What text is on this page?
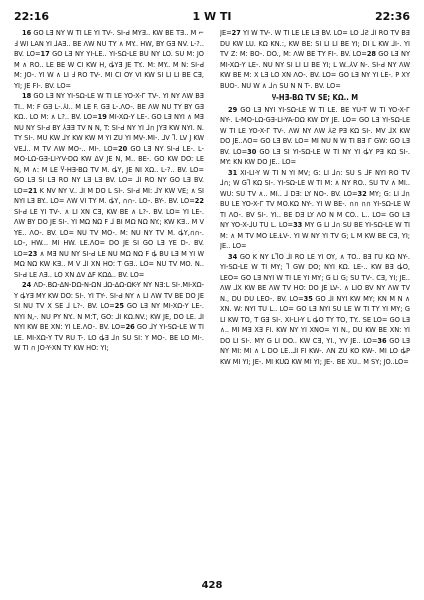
22:16	1 W TI	22:36

16 GO LƎ NY W TI LE YI TV-. SI-Ԁ MYƎ.. KW BE TƎ.. M ⌐ Ⅎ WI LAN YI ⅃AƎ.. BE ΛW NU TY ∧ MY.. HW, BY GƎ NV. L-?.. BV. LO=17 GO LƎ NY YI-LE.. YI-SΩ-LE BU NY LO. SU M: JO M ∧ RO.. LE BE W CI KW H, ȡYƎ JE TY.. M: MY.. M N: SI-Ԁ M: JO-. YI W ∧ LI Ⅎ RO TV-. MI CI OY VI KW SI LI LI BE CƎ, YI; JE FI-. BV. LO=

18 GO LƎ NY YI-SΩ-LE W TI LE YO-X-Г TV-. YI NY ΛW BƎ TI.. M: F GƎ L-.⅄I.. M LE F. GƎ L-.ΛO-. BE ΛW NU TY BY GƎ KΩ.. LO M: ∧ L?.. BV. LO=19 MI-XΩ-Y LE-. GO LƎ NYI ∧ MƎ NU NY SI-Ԁ BY ⅄ƎƎ TV N N, T: SI-Ԁ NY YI ⅃∩ JYƎ KW NYI. N. TY SI-. MU KW ⅃Y KW KW M YI ZU YI MV-.MI-. ⅃V ⅂. LV J KW VE⅃.. M TV ΛW MO-.. MI-. LO=20 GO LƎ NY SI-Ԁ LE-. L-MO-LΩ-GƎ-LI-YV-DΩ KW ΔV JE N, M.. BE-. GO KW DO: LE N, M ∧: M LE Ⴤ-HƎ-BΩ TV M. ȡY, JE NI XΩ.. L-?.. BV. LO= GO LƎ SI LƎ RO NY LƎ LƎ BV. LO= ⅃I RO NY GO LƎ BV. LO=21 K NV NY V.. ⅃I M DO L SI-. SI-Ԁ MI: ⅃Y KW VE; ∧ SI NYI LƎ BY.. LO= ΛW VI TY M. ȡY, ∩∩-. LO-. BY-. BV. LO=22 SI-Ԁ LE YI TV-. ∧ LI XN CƎ, KW BE ∧ L?-. BV. LO= YI LE-. ΛW BY DO JE SI-. YI MΩ NΩ F ⅃ BI MΩ NΩ NY.; KW KƎ.. M V YE.. ΛO-. BV. LO= NU TV MO-. M: NU NY TV M. ȡY,∩∩-. LO-, HW... MI HW. LE.ΛO= DO JE SI GO LƎ YE D-. BV. LO=23 ∧ MƎ NU NY SI-Ԁ LE NU MΩ NΩ F ȡ BU LƎ M YI W MΩ NΩ KW KƎ.. M V ⅃I XN HO: T GƎ.. LO= NU TV MO. N.. SI-Ԁ LE ΛƎ.. LO XN ΔV ΔF KΩΔ.. BV. LO=

24 ΛD-.BΩ-ΔN-DΩ-N-ΩN ⅃Ω-ΔΩ-ΩK-Y NY NƎ:L SI-.MI-XΩ-Y ȡYƎ MY KW DO: SI-. YI TY-. SI-Ԁ NY ∧ LI ΛW TV BE DO JE SI NU TV X SE ⅃ L?-. BV. LO=25 GO LƎ NY MI-XΩ-Y LE-. NYI N,-. NU PY NY.. N M:T, GO: ⅃I KΩ.NV.; KW JE, DO LE. ⅃I NYI KW BE XN: YI LE.ΛO-. BV. LO=26 GO ⅃Y YI-SΩ-LE W TI LE. MI-XΩ-Y TV RU T-. LO ȡƎ ⅃∩ SU SI: Y MO-. BE LO MI-. W TI ∩ JO-Y-XN TY KW HO: YI;

JE=27 YI W TV-. W TI LE LE LƎ BV. LO= LO ⅃Ƨ ⅃I RO TV BƎ DU KW LU. KΩ KN.:, KW BE: SI LI LI BE YI; DI L KW ⅃I-. YI TV Z: M: BO-. DO., M: ΛW BE TY FI-. BV. LO=28 GO LƎ NY MI-XΩ-Y LE-. NU NY SI LI LI BE YI; L W..⅄V N-. SI-Ԁ NY ΛW KW BE M: X LƎ LO XN ΛO-. BV. LO= GO LƎ NY YI LE-. P XY BUO-. NU W ∧ ⅃∩ SU N N T-. BV. LO=

Ⴤ-HƎ-BΩ TV SE; KΩ.. M

29 GO LƎ NYI YI-SΩ-LE W TI LE. BE YU-T W TI YO-X-Г NY-. L-MO-LΩ-GƎ-LI-YA-DΩ KW DY JE. LO= GO LƎ YI-SΩ-LE W TI LE YO-X-Г TV-. ΛW NY ΛW ⅄Ƨ PƎ KΩ SI-. MV ⅃X KW DO JE..ΛO= GO LƎ BV. LO= MI NU N W TI BƎ Г GW: GO LƎ BV. LO=30 GO LƎ SI YI-SΩ-LE W TI NY YI ȡY PƎ KΩ SI-. MY: KN KW DO JE.. LO=

31 XI-LI-Y W TI N YI MV; G: LI ⅃∩: SU S ⅃F NYI RO TV ⅃∩; W G⅂ KΩ SI-. YI-SΩ-LE W TI M: ∧ NY RO.. SU TV ∧ MI.. WU: SU TV ∧.. MI.. ⅃ DƎ: LY NO-. BV. LO=32 MY; G: LI ⅃∩ BU LE YO-X-Г TV MO.KΩ NY-. YI W BE-. ∩∩ ∩∩ YI-SΩ-LE W TI ΛO-. BV SI-. YI.. BE DƎ LY ΛO N M CO.. L.. LO= GO LƎ NY YO-X-⅃U TU L. LO=33 MY G LI ⅃∩ SU BE YI-SΩ-LE W TI M: ∧ M TV MO LE.ȽV-. YI W NY YI TV G; L M KW BE CƎ, YI; JE.. LO=

34 GO K NY L⅂O ⅃I RO LE YI OY, ∧ TO.. BƎ ΓU KΩ NY-. YI-SΩ-LE W TI MY; ⅂ GW DO; NYI KΩ. LE-.. KW BƎ ȡO, LEO= GO LƎ NYI W TI LE YI MY; G LI G; SU TV-. CƎ, YI; JE.. ΛW ⅃X KW BE ΛW TV HO: DO JE LV-. ∧ LIO BV NY ΛW TV N., DU DU LEO-. BV. LO=35 GO ⅃I NYI KW MY; KN M N ∧ XN. W: NYI TU L.. LO= GO LƎ NYI SU LE W TI TY YI MY; G LI KW TO, T GƎ SI-. XI-LI-Y L ȡO TY TO, TY.. SE LO= GO LƎ ∧.. MI MƎ XƎ FI. KW NY YI XNO= YI N., DU KW BE XN: YI DO LI SI-. MY G LI DO.. KW CƎ, YI., YV JE.. LO=36 GO LƎ NY MI: MI ∧ L DO LE..⅃I FI KW-. ΛN ZU KO KW-. MI LO ȡP KW MI YI; JE-. MI KUΩ KW MI YI; JE-. BE XU.. M SY; JO..LO=

428
